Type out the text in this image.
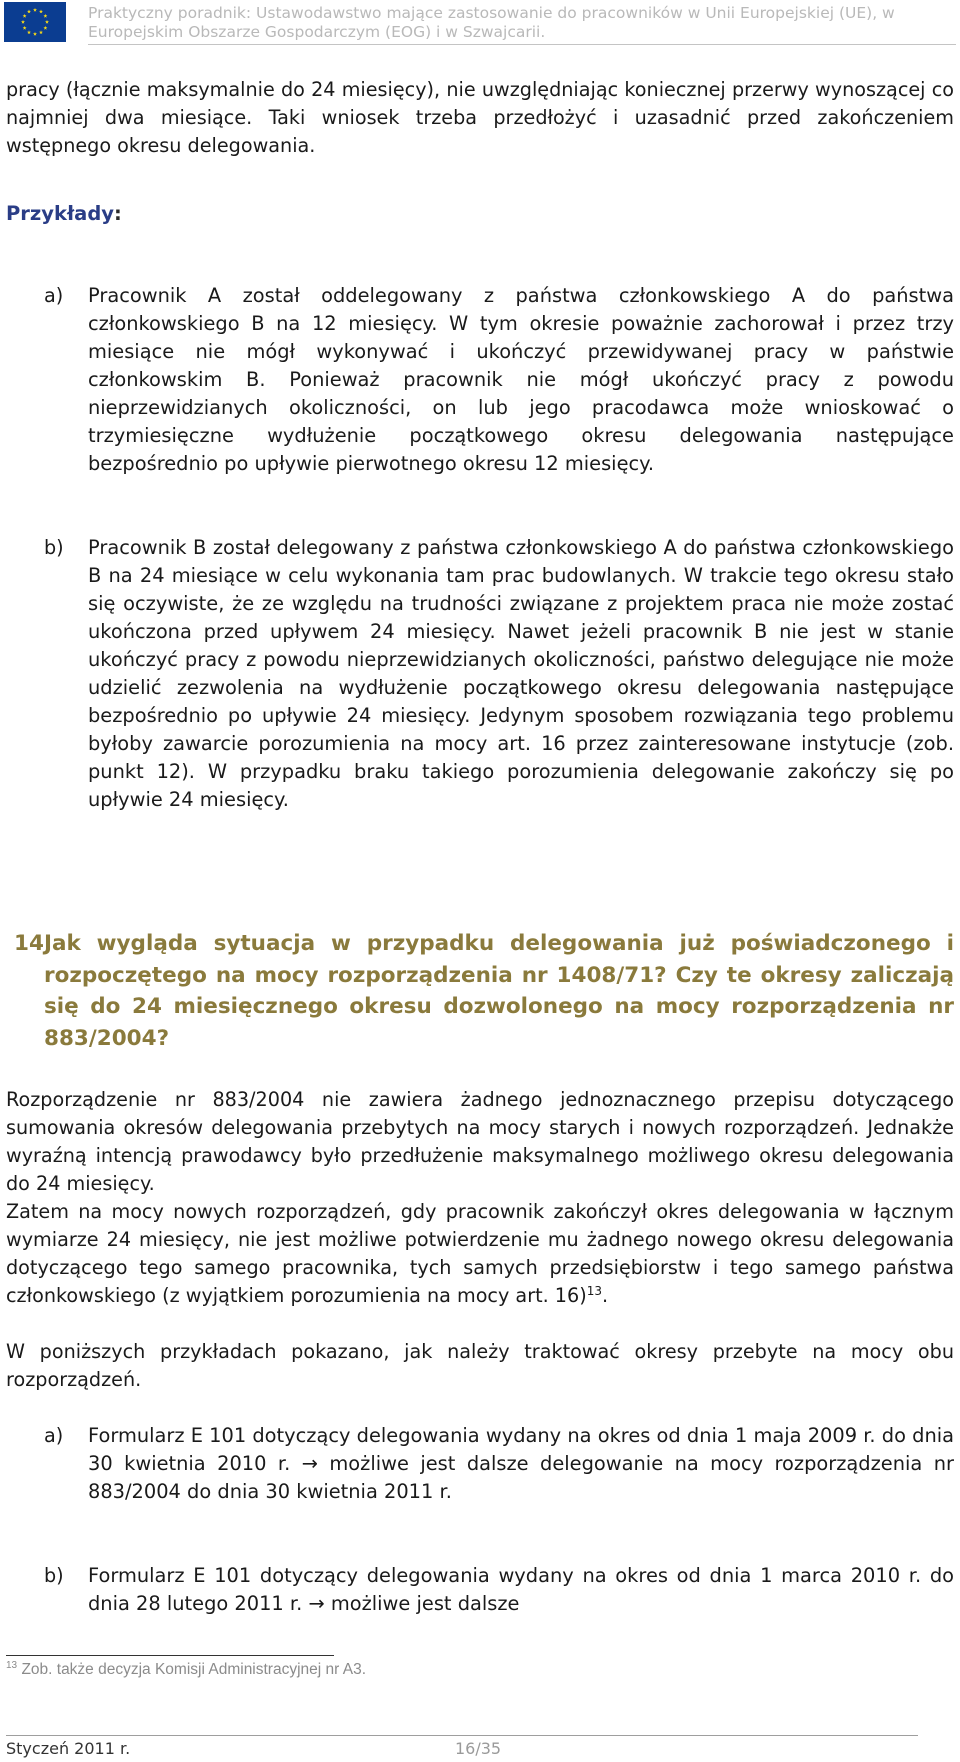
Praktyczny poradnik: Ustawodawstwo mające zastosowanie do pracowników w Unii Europejskiej (UE), w Europejskim Obszarze Gospodarczym (EOG) i w Szwajcarii.

pracy (łącznie maksymalnie do 24 miesięcy), nie uwzględniając koniecznej przerwy wynoszącej co najmniej dwa miesiące. Taki wniosek trzeba przedłożyć i uzasadnić przed zakończeniem wstępnego okresu delegowania.

Przykłady:
a)	Pracownik A został oddelegowany z państwa członkowskiego A do państwa członkowskiego B na 12 miesięcy. W tym okresie poważnie zachorował i przez trzy miesiące nie mógł wykonywać i ukończyć przewidywanej pracy w państwie członkowskim B. Ponieważ pracownik nie mógł ukończyć pracy z powodu nieprzewidzianych okoliczności, on lub jego pracodawca może wnioskować o trzymiesięczne wydłużenie początkowego okresu delegowania następujące bezpośrednio po upływie pierwotnego okresu 12 miesięcy.
b)	Pracownik B został delegowany z państwa członkowskiego A do państwa członkowskiego B na 24 miesiące w celu wykonania tam prac budowlanych. W trakcie tego okresu stało się oczywiste, że ze względu na trudności związane z projektem praca nie może zostać ukończona przed upływem 24 miesięcy. Nawet jeżeli pracownik B nie jest w stanie ukończyć pracy z powodu nieprzewidzianych okoliczności, państwo delegujące nie może udzielić zezwolenia na wydłużenie początkowego okresu delegowania następujące bezpośrednio po upływie 24 miesięcy. Jedynym sposobem rozwiązania tego problemu byłoby zawarcie porozumienia na mocy art. 16 przez zainteresowane instytucje (zob. punkt 12). W przypadku braku takiego porozumienia delegowanie zakończy się po upływie 24 miesięcy.
14.
Jak wygląda sytuacja w przypadku delegowania już poświadczonego i rozpoczętego na mocy rozporządzenia nr 1408/71? Czy te okresy zaliczają się do 24 miesięcznego okresu dozwolonego na mocy rozporządzenia nr 883/2004?

Rozporządzenie nr 883/2004 nie zawiera żadnego jednoznacznego przepisu dotyczącego sumowania okresów delegowania przebytych na mocy starych i nowych rozporządzeń. Jednakże wyraźną intencją prawodawcy było przedłużenie maksymalnego możliwego okresu delegowania do 24 miesięcy.

Zatem na mocy nowych rozporządzeń, gdy pracownik zakończył okres delegowania w łącznym wymiarze 24 miesięcy, nie jest możliwe potwierdzenie mu żadnego nowego okresu delegowania dotyczącego tego samego pracownika, tych samych przedsiębiorstw i tego samego państwa członkowskiego (z wyjątkiem porozumienia na mocy art. 16)$^{13}$.

W poniższych przykładach pokazano, jak należy traktować okresy przebyte na mocy obu rozporządzeń.

a)	Formularz E 101 dotyczący delegowania wydany na okres od dnia 1 maja 2009 r. do dnia 30 kwietnia 2010 r. → możliwe jest dalsze delegowanie na mocy rozporządzenia nr 883/2004 do dnia 30 kwietnia 2011 r.
b)	Formularz E 101 dotyczący delegowania wydany na okres od dnia 1 marca 2010 r. do dnia 28 lutego 2011 r. → możliwe jest dalsze
$^{13}$ Zob. także decyzja Komisji Administracyjnej nr A3.
Styczeń 2011 r.	16/35
